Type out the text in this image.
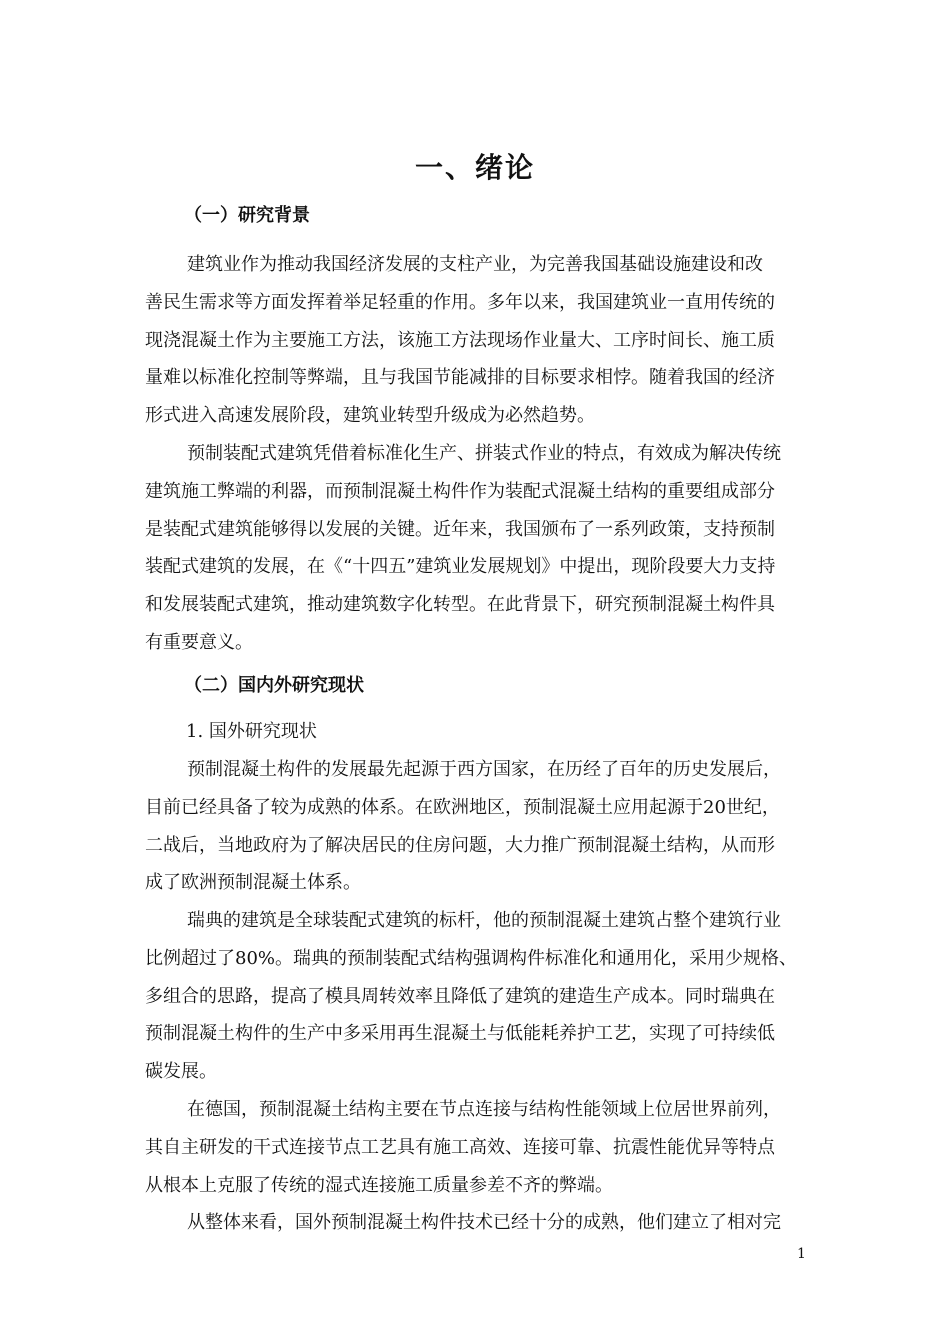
一、绪论
（一）研究背景
建筑业作为推动我国经济发展的支柱产业，为完善我国基础设施建设和改
善民生需求等方面发挥着举足轻重的作用。多年以来，我国建筑业一直用传统的
现浇混凝土作为主要施工方法，该施工方法现场作业量大、工序时间长、施工质
量难以标准化控制等弊端，且与我国节能减排的目标要求相悖。随着我国的经济
形式进入高速发展阶段，建筑业转型升级成为必然趋势。
预制装配式建筑凭借着标准化生产、拼装式作业的特点，有效成为解决传统
建筑施工弊端的利器，而预制混凝土构件作为装配式混凝土结构的重要组成部分
是装配式建筑能够得以发展的关键。近年来，我国颁布了一系列政策，支持预制
装配式建筑的发展，在《“十四五”建筑业发展规划》中提出，现阶段要大力支持
和发展装配式建筑，推动建筑数字化转型。在此背景下，研究预制混凝土构件具
有重要意义。
（二）国内外研究现状
1. 国外研究现状
预制混凝土构件的发展最先起源于西方国家，在历经了百年的历史发展后，
目前已经具备了较为成熟的体系。在欧洲地区，预制混凝土应用起源于20世纪，
二战后，当地政府为了解决居民的住房问题，大力推广预制混凝土结构，从而形
成了欧洲预制混凝土体系。
瑞典的建筑是全球装配式建筑的标杆，他的预制混凝土建筑占整个建筑行业
比例超过了80%。瑞典的预制装配式结构强调构件标准化和通用化，采用少规格、
多组合的思路，提高了模具周转效率且降低了建筑的建造生产成本。同时瑞典在
预制混凝土构件的生产中多采用再生混凝土与低能耗养护工艺，实现了可持续低
碳发展。
在德国，预制混凝土结构主要在节点连接与结构性能领域上位居世界前列，
其自主研发的干式连接节点工艺具有施工高效、连接可靠、抗震性能优异等特点
从根本上克服了传统的湿式连接施工质量参差不齐的弊端。
从整体来看，国外预制混凝土构件技术已经十分的成熟，他们建立了相对完
1
